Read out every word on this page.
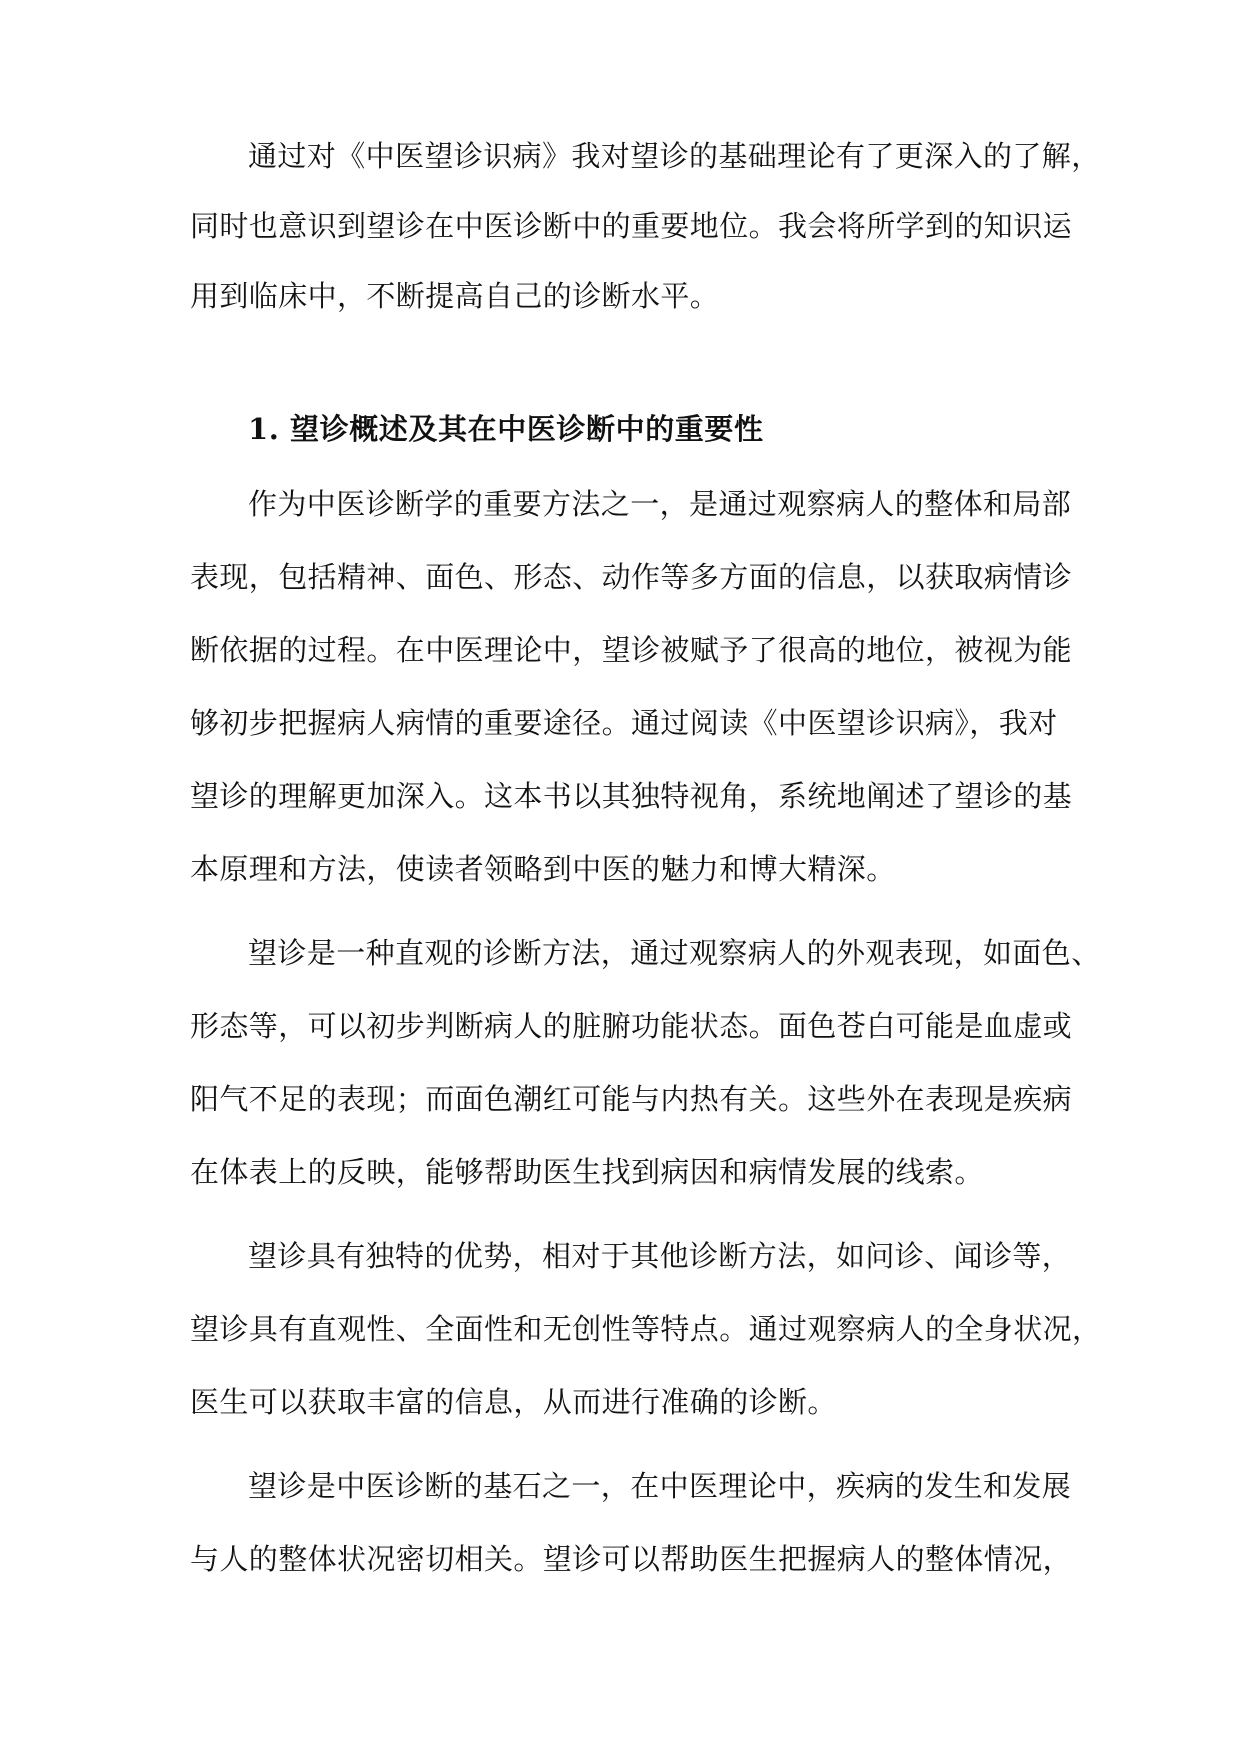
通过对《中医望诊识病》我对望诊的基础理论有了更深入的了解，
同时也意识到望诊在中医诊断中的重要地位。我会将所学到的知识运
用到临床中，不断提高自己的诊断水平。
1. 望诊概述及其在中医诊断中的重要性
作为中医诊断学的重要方法之一，是通过观察病人的整体和局部
表现，包括精神、面色、形态、动作等多方面的信息，以获取病情诊
断依据的过程。在中医理论中，望诊被赋予了很高的地位，被视为能
够初步把握病人病情的重要途径。通过阅读《中医望诊识病》，我对
望诊的理解更加深入。这本书以其独特视角，系统地阐述了望诊的基
本原理和方法，使读者领略到中医的魅力和博大精深。
望诊是一种直观的诊断方法，通过观察病人的外观表现，如面色、
形态等，可以初步判断病人的脏腑功能状态。面色苍白可能是血虚或
阳气不足的表现；而面色潮红可能与内热有关。这些外在表现是疾病
在体表上的反映，能够帮助医生找到病因和病情发展的线索。
望诊具有独特的优势，相对于其他诊断方法，如问诊、闻诊等，
望诊具有直观性、全面性和无创性等特点。通过观察病人的全身状况，
医生可以获取丰富的信息，从而进行准确的诊断。
望诊是中医诊断的基石之一，在中医理论中，疾病的发生和发展
与人的整体状况密切相关。望诊可以帮助医生把握病人的整体情况，
